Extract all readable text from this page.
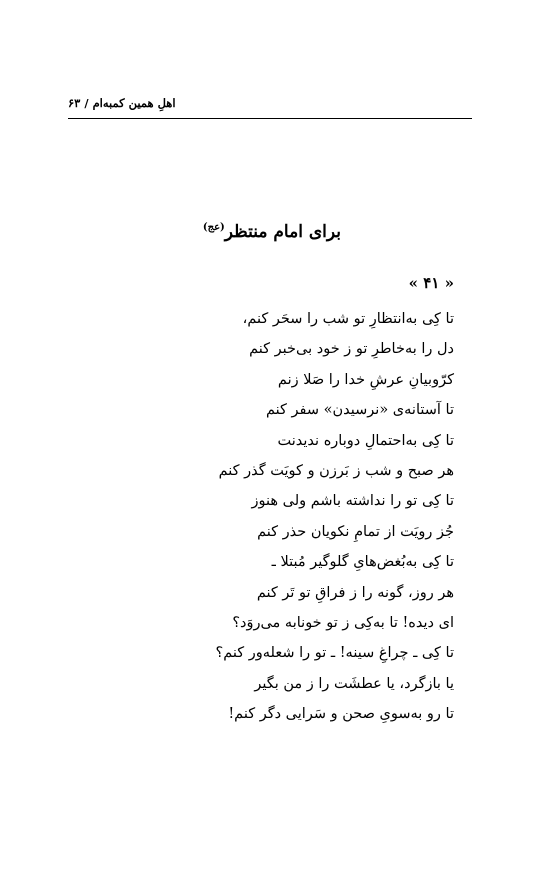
اهلِ همین کمبه‌ام / ۶۳
برای امام منتظر$^{(عج)}$
« ۴۱ »
تا کِی به‌انتظارِ تو شب را سحَر کنم،
دل را به‌خاطرِ تو ز خود بی‌خبر کنم
کرّوبیانِ عرشِ خدا را صَلا زنم
تا آستانه‌ی «نرسیدن» سفر کنم
تا کِی به‌احتمالِ دوباره ندیدنت
هر صبح و شب ز بَرزن و کویَت گذر کنم
تا کِی تو را نداشته باشم ولی هنوز
جُز رویَت از تمامِ نکویان حذر کنم
تا کِی به‌بُغض‌هایِ گلوگیر مُبتلا ـ
هر روز، گونه را ز فراقِ تو تَر کنم
ای دیده! تا به‌کِی ز تو خونابه می‌روَد؟
تا کِی ـ چراغِ سینه! ـ تو را شعله‌ور کنم؟
یا بازگرد، یا عطشَت را ز من بگیر
تا رو به‌سویِ صحن و سَرایی دگر کنم!
